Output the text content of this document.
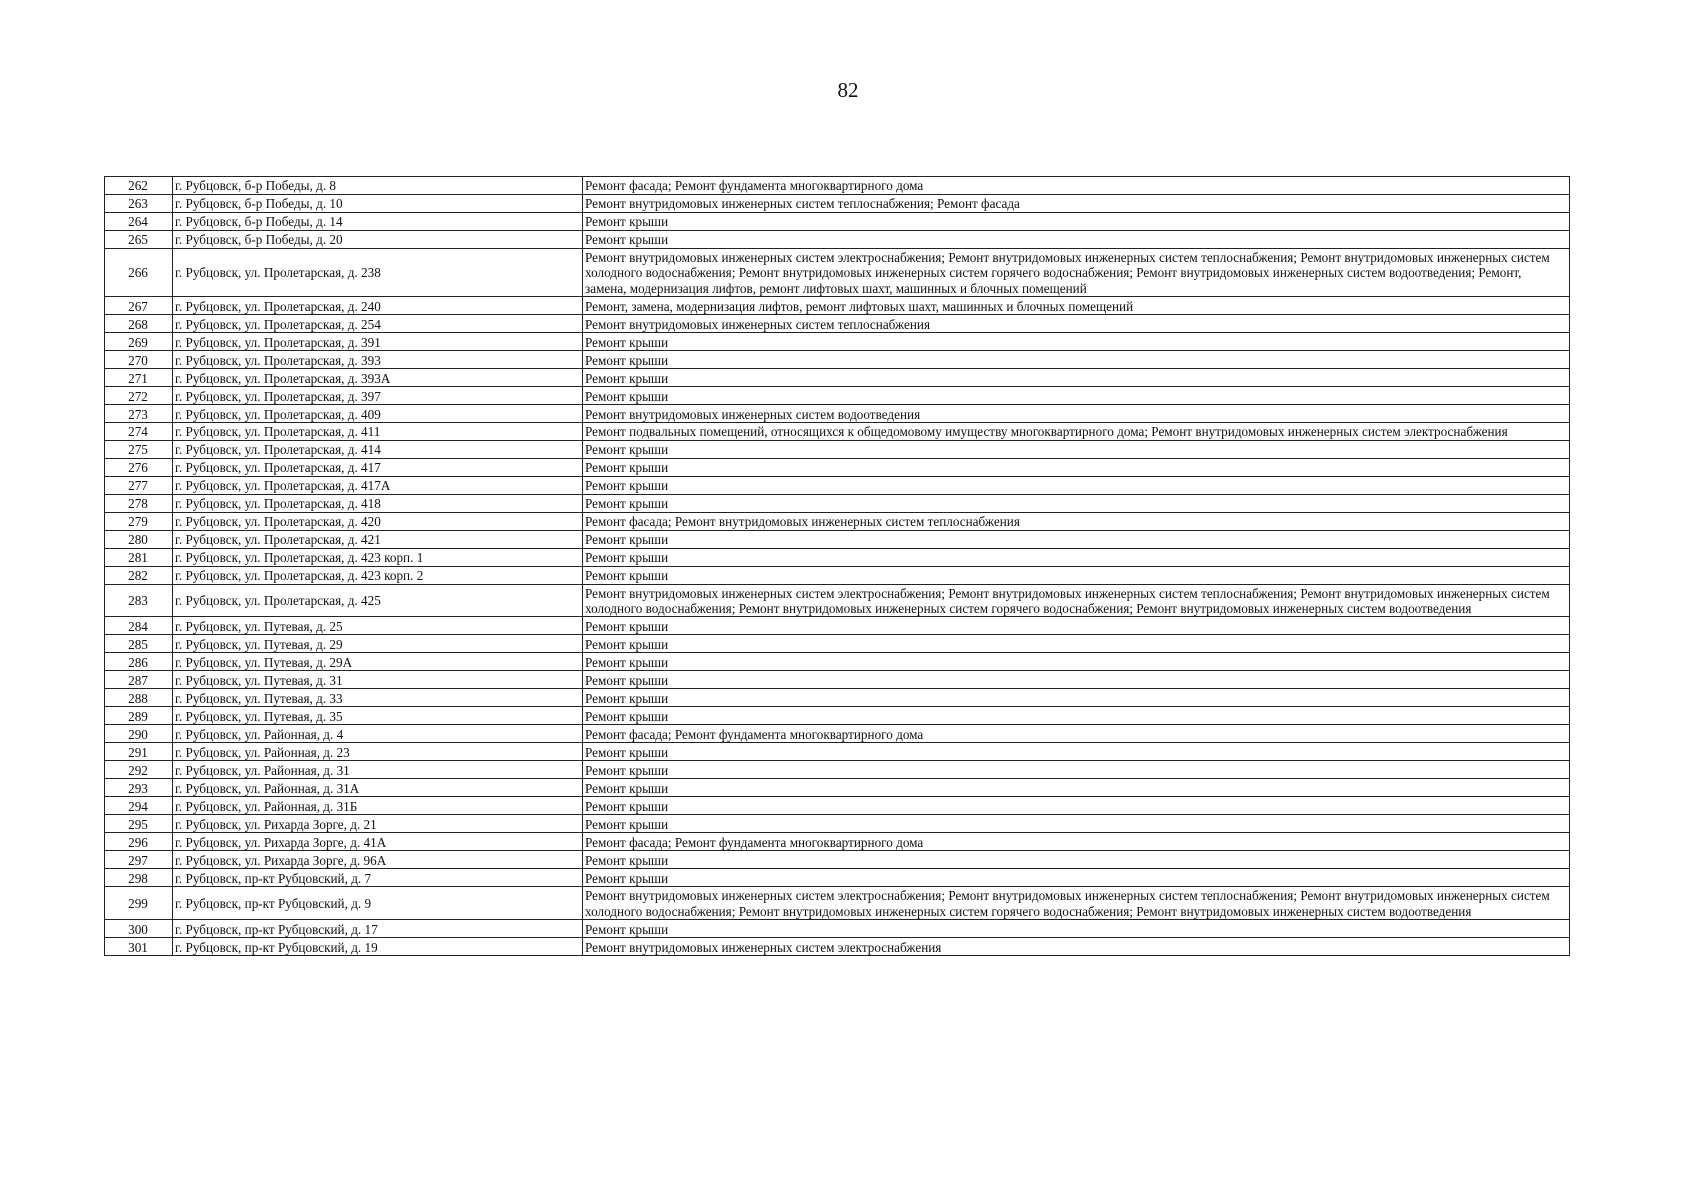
82
262	г. Рубцовск, б-р Победы, д. 8	Ремонт фасада; Ремонт фундамента многоквартирного дома
263	г. Рубцовск, б-р Победы, д. 10	Ремонт внутридомовых инженерных систем теплоснабжения; Ремонт фасада
264	г. Рубцовск, б-р Победы, д. 14	Ремонт крыши
265	г. Рубцовск, б-р Победы, д. 20	Ремонт крыши
266	г. Рубцовск, ул. Пролетарская, д. 238	Ремонт внутридомовых инженерных систем электроснабжения; Ремонт внутридомовых инженерных систем теплоснабжения; Ремонт внутридомовых инженерных систем холодного водоснабжения; Ремонт внутридомовых инженерных систем горячего водоснабжения; Ремонт внутридомовых инженерных систем водоотведения; Ремонт, замена, модернизация лифтов, ремонт лифтовых шахт, машинных и блочных помещений
267	г. Рубцовск, ул. Пролетарская, д. 240	Ремонт, замена, модернизация лифтов, ремонт лифтовых шахт, машинных и блочных помещений
268	г. Рубцовск, ул. Пролетарская, д. 254	Ремонт внутридомовых инженерных систем теплоснабжения
269	г. Рубцовск, ул. Пролетарская, д. 391	Ремонт крыши
270	г. Рубцовск, ул. Пролетарская, д. 393	Ремонт крыши
271	г. Рубцовск, ул. Пролетарская, д. 393А	Ремонт крыши
272	г. Рубцовск, ул. Пролетарская, д. 397	Ремонт крыши
273	г. Рубцовск, ул. Пролетарская, д. 409	Ремонт внутридомовых инженерных систем водоотведения
274	г. Рубцовск, ул. Пролетарская, д. 411	Ремонт подвальных помещений, относящихся к общедомовому имуществу многоквартирного дома; Ремонт внутридомовых инженерных систем электроснабжения
275	г. Рубцовск, ул. Пролетарская, д. 414	Ремонт крыши
276	г. Рубцовск, ул. Пролетарская, д. 417	Ремонт крыши
277	г. Рубцовск, ул. Пролетарская, д. 417А	Ремонт крыши
278	г. Рубцовск, ул. Пролетарская, д. 418	Ремонт крыши
279	г. Рубцовск, ул. Пролетарская, д. 420	Ремонт фасада; Ремонт внутридомовых инженерных систем теплоснабжения
280	г. Рубцовск, ул. Пролетарская, д. 421	Ремонт крыши
281	г. Рубцовск, ул. Пролетарская, д. 423 корп. 1	Ремонт крыши
282	г. Рубцовск, ул. Пролетарская, д. 423 корп. 2	Ремонт крыши
283	г. Рубцовск, ул. Пролетарская, д. 425	Ремонт внутридомовых инженерных систем электроснабжения; Ремонт внутридомовых инженерных систем теплоснабжения; Ремонт внутридомовых инженерных систем холодного водоснабжения; Ремонт внутридомовых инженерных систем горячего водоснабжения; Ремонт внутридомовых инженерных систем водоотведения
284	г. Рубцовск, ул. Путевая, д. 25	Ремонт крыши
285	г. Рубцовск, ул. Путевая, д. 29	Ремонт крыши
286	г. Рубцовск, ул. Путевая, д. 29А	Ремонт крыши
287	г. Рубцовск, ул. Путевая, д. 31	Ремонт крыши
288	г. Рубцовск, ул. Путевая, д. 33	Ремонт крыши
289	г. Рубцовск, ул. Путевая, д. 35	Ремонт крыши
290	г. Рубцовск, ул. Районная, д. 4	Ремонт фасада; Ремонт фундамента многоквартирного дома
291	г. Рубцовск, ул. Районная, д. 23	Ремонт крыши
292	г. Рубцовск, ул. Районная, д. 31	Ремонт крыши
293	г. Рубцовск, ул. Районная, д. 31А	Ремонт крыши
294	г. Рубцовск, ул. Районная, д. 31Б	Ремонт крыши
295	г. Рубцовск, ул. Рихарда Зорге, д. 21	Ремонт крыши
296	г. Рубцовск, ул. Рихарда Зорге, д. 41А	Ремонт фасада; Ремонт фундамента многоквартирного дома
297	г. Рубцовск, ул. Рихарда Зорге, д. 96А	Ремонт крыши
298	г. Рубцовск, пр-кт Рубцовский, д. 7	Ремонт крыши
299	г. Рубцовск, пр-кт Рубцовский, д. 9	Ремонт внутридомовых инженерных систем электроснабжения; Ремонт внутридомовых инженерных систем теплоснабжения; Ремонт внутридомовых инженерных систем холодного водоснабжения; Ремонт внутридомовых инженерных систем горячего водоснабжения; Ремонт внутридомовых инженерных систем водоотведения
300	г. Рубцовск, пр-кт Рубцовский, д. 17	Ремонт крыши
301	г. Рубцовск, пр-кт Рубцовский, д. 19	Ремонт внутридомовых инженерных систем электроснабжения
